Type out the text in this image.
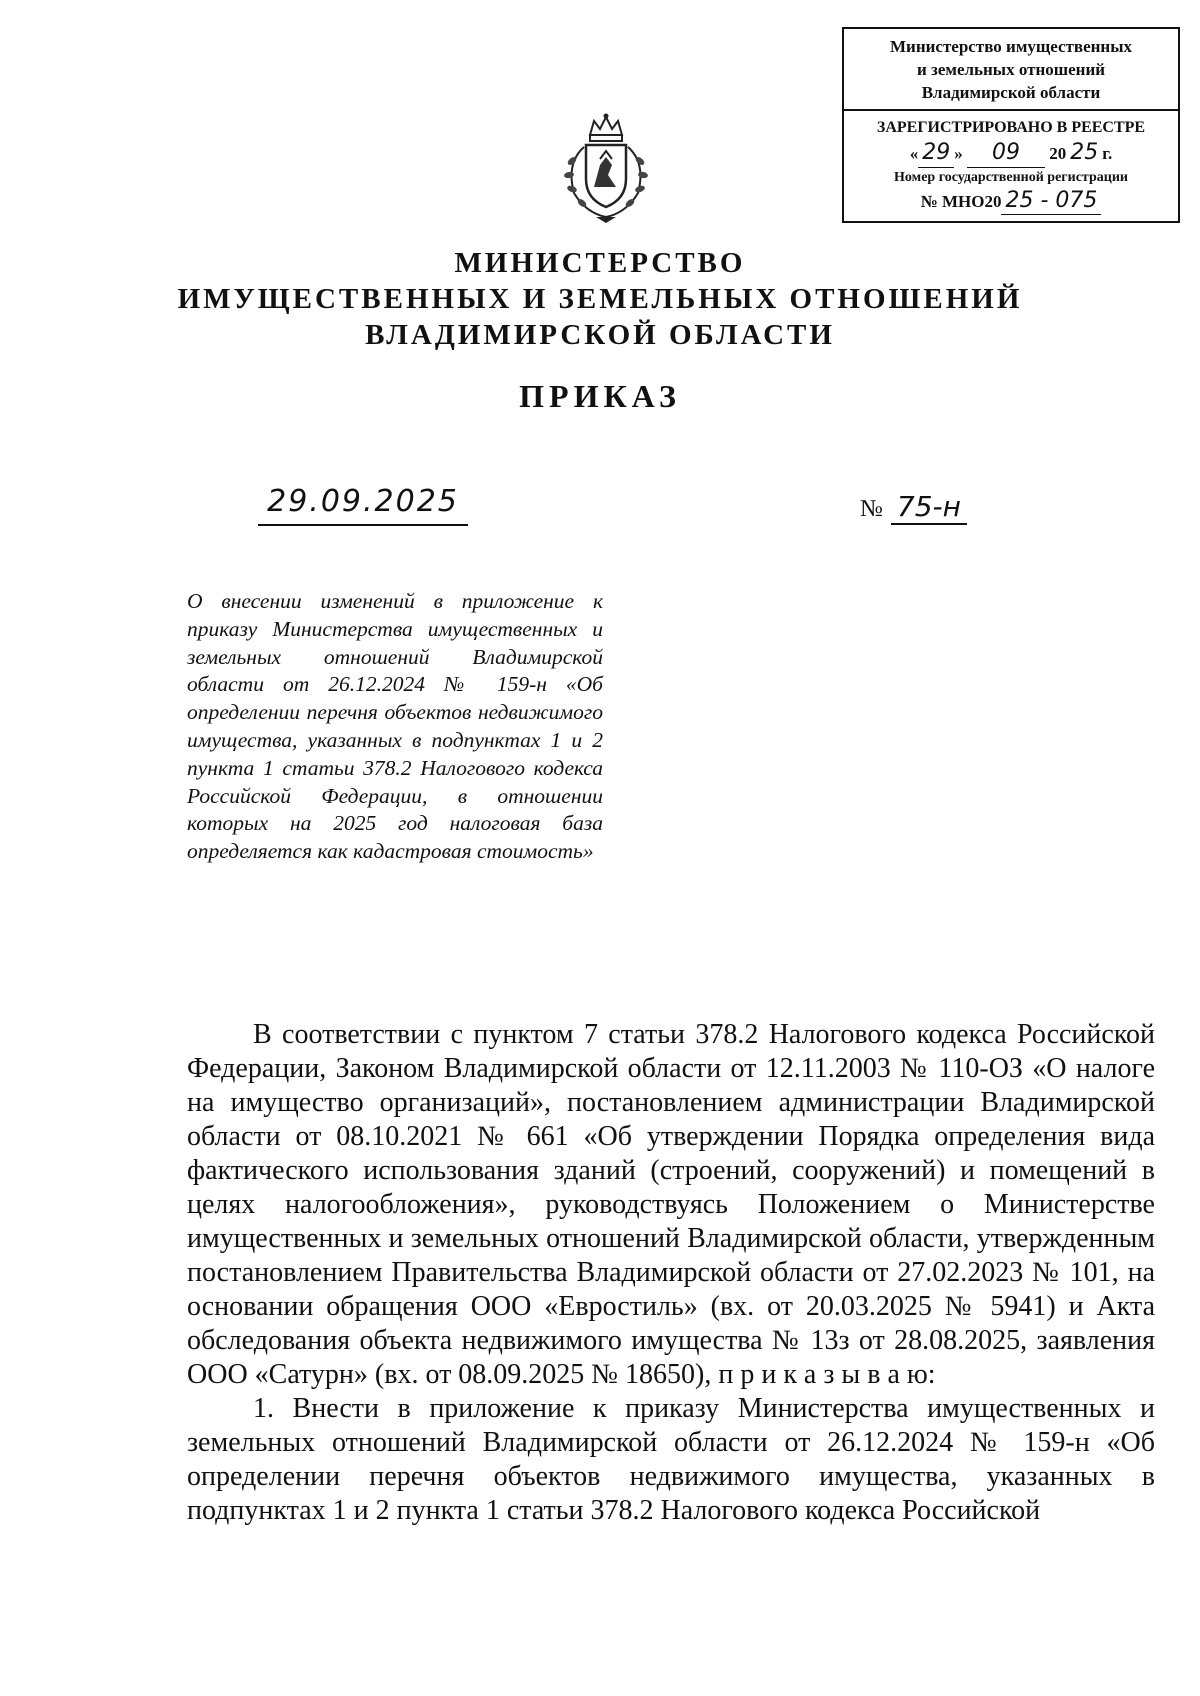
Министерство имущественных
и земельных отношений
Владимирской области
ЗАРЕГИСТРИРОВАНО В РЕЕСТРЕ
« 29 » 09 20 25 г.
Номер государственной регистрации
№ МНО20 25 - 075
МИНИСТЕРСТВО
ИМУЩЕСТВЕННЫХ И ЗЕМЕЛЬНЫХ ОТНОШЕНИЙ
ВЛАДИМИРСКОЙ ОБЛАСТИ
ПРИКАЗ
29.09.2025	№ 75-н
О внесении изменений в приложение к приказу Министерства имущественных и земельных отношений Владимирской области от 26.12.2024 № 159-н «Об определении перечня объектов недвижимого имущества, указанных в подпунктах 1 и 2 пункта 1 статьи 378.2 Налогового кодекса Российской Федерации, в отношении которых на 2025 год налоговая база определяется как кадастровая стоимость»

В соответствии с пунктом 7 статьи 378.2 Налогового кодекса Российской Федерации, Законом Владимирской области от 12.11.2003 № 110-ОЗ «О налоге на имущество организаций», постановлением администрации Владимирской области от 08.10.2021 № 661 «Об утверждении Порядка определения вида фактического использования зданий (строений, сооружений) и помещений в целях налогообложения», руководствуясь Положением о Министерстве имущественных и земельных отношений Владимирской области, утвержденным постановлением Правительства Владимирской области от 27.02.2023 № 101, на основании обращения ООО «Евростиль» (вх. от 20.03.2025 № 5941) и Акта обследования объекта недвижимого имущества № 13з от 28.08.2025, заявления ООО «Сатурн» (вх. от 08.09.2025 № 18650), п р и к а з ы в а ю:

1. Внести в приложение к приказу Министерства имущественных и земельных отношений Владимирской области от 26.12.2024 № 159-н «Об определении перечня объектов недвижимого имущества, указанных в подпунктах 1 и 2 пункта 1 статьи 378.2 Налогового кодекса Российской
